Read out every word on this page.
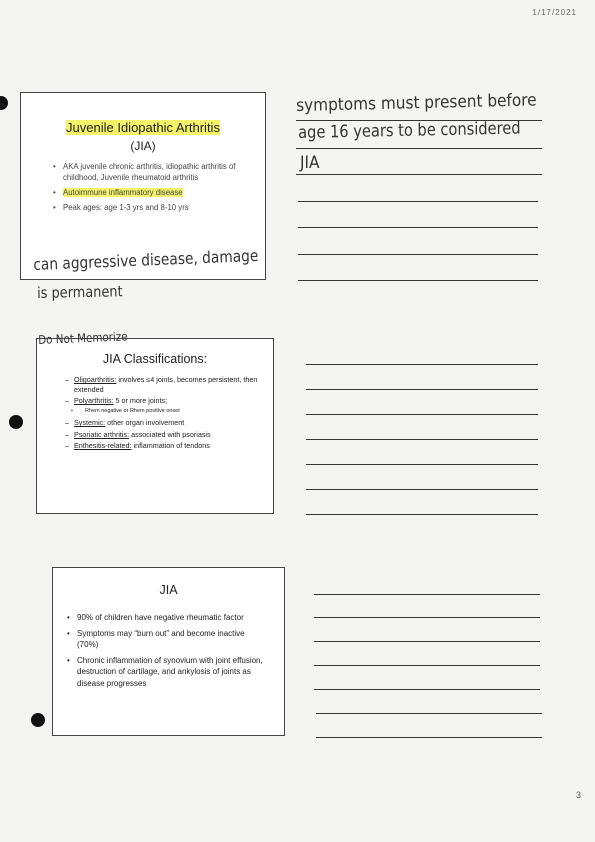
1/17/2021
Juvenile Idiopathic Arthritis
(JIA)
• AKA juvenile chronic arthritis, idiopathic arthritis of childhood, Juvenile rheumatoid arthritis
• Autoimmune inflammatory disease
• Peak ages: age 1-3 yrs and 8-10 yrs
JIA Classifications:
– Oligoarthritis: involves ≤4 joints, becomes persistent, then extended
– Polyarthritis: 5 or more joints;
• Rhem negative or Rhem positive onset
– Systemic: other organ involvement
– Psoriatic arthritis: associated with psoriasis
– Enthesitis-related: inflammation of tendons
JIA
• 90% of children have negative rheumatic factor
• Symptoms may “burn out” and become inactive (70%)
• Chronic inflammation of synovium with joint effusion, destruction of cartilage, and ankylosis of joints as disease progresses
symptoms must present before
age 16 years to be considered
JIA
can aggressive disease, damage
is permanent
Do Not Memorize
3
